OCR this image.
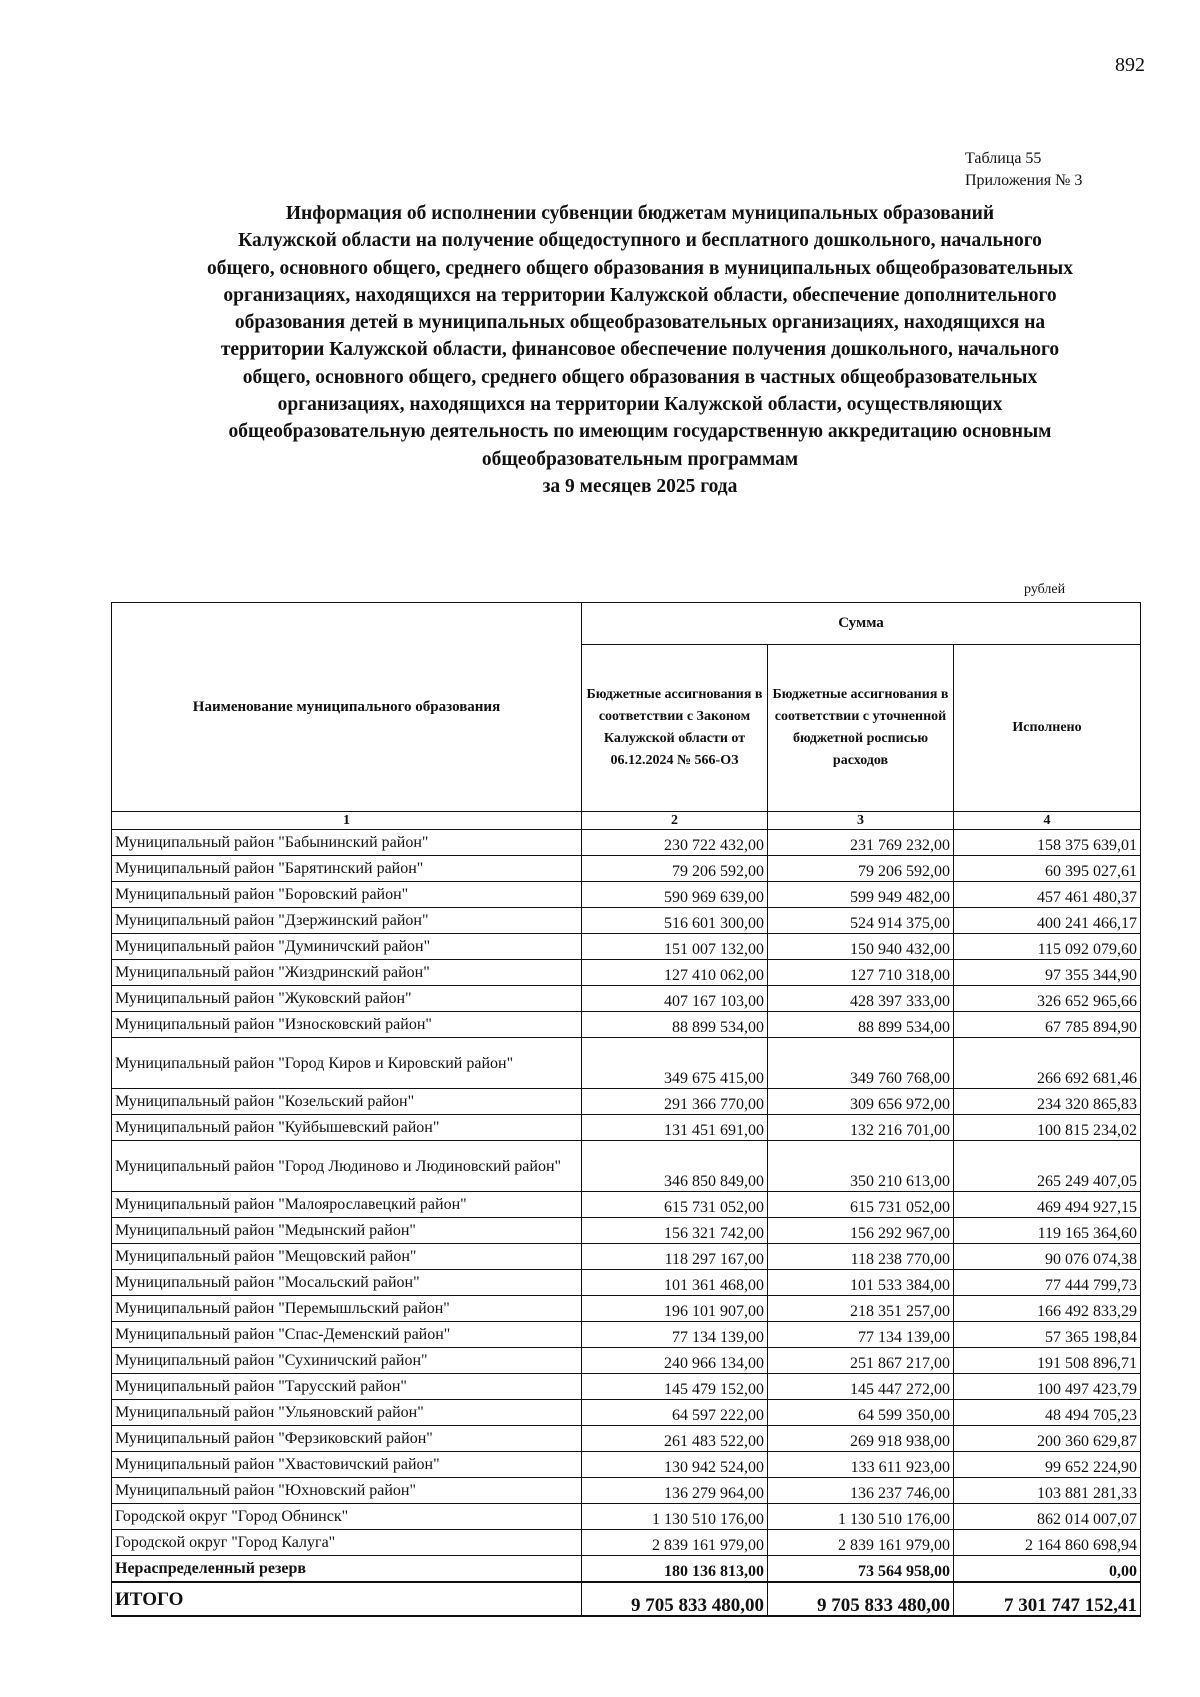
892
Таблица 55
Приложения № 3
Информация об исполнении субвенции бюджетам муниципальных образований
Калужской области на получение общедоступного и бесплатного дошкольного, начального
общего, основного общего, среднего общего образования в муниципальных общеобразовательных
организациях, находящихся на территории Калужской области, обеспечение дополнительного
образования детей в муниципальных общеобразовательных организациях, находящихся на
территории Калужской области, финансовое обеспечение получения дошкольного, начального
общего, основного общего, среднего общего образования в частных общеобразовательных
организациях, находящихся на территории Калужской области, осуществляющих
общеобразовательную деятельность по имеющим государственную аккредитацию основным
общеобразовательным программам
за 9 месяцев 2025 года
рублей
Наименование муниципального образования	Сумма		
	Бюджетные ассигнования в соответствии с Законом Калужской области от 06.12.2024 № 566-ОЗ	Бюджетные ассигнования в соответствии с уточненной бюджетной росписью расходов	Исполнено
1	2	3	4
Муниципальный район "Бабынинский район"	230 722 432,00	231 769 232,00	158 375 639,01
Муниципальный район "Барятинский район"	79 206 592,00	79 206 592,00	60 395 027,61
Муниципальный район "Боровский район"	590 969 639,00	599 949 482,00	457 461 480,37
Муниципальный район "Дзержинский район"	516 601 300,00	524 914 375,00	400 241 466,17
Муниципальный район "Думиничский район"	151 007 132,00	150 940 432,00	115 092 079,60
Муниципальный район "Жиздринский район"	127 410 062,00	127 710 318,00	97 355 344,90
Муниципальный район "Жуковский район"	407 167 103,00	428 397 333,00	326 652 965,66
Муниципальный район "Износковский район"	88 899 534,00	88 899 534,00	67 785 894,90
Муниципальный район "Город Киров и Кировский район"	349 675 415,00	349 760 768,00	266 692 681,46
Муниципальный район "Козельский район"	291 366 770,00	309 656 972,00	234 320 865,83
Муниципальный район "Куйбышевский район"	131 451 691,00	132 216 701,00	100 815 234,02
Муниципальный район "Город Людиново и Людиновский район"	346 850 849,00	350 210 613,00	265 249 407,05
Муниципальный район "Малоярославецкий район"	615 731 052,00	615 731 052,00	469 494 927,15
Муниципальный район "Медынский район"	156 321 742,00	156 292 967,00	119 165 364,60
Муниципальный район "Мещовский район"	118 297 167,00	118 238 770,00	90 076 074,38
Муниципальный район "Мосальский район"	101 361 468,00	101 533 384,00	77 444 799,73
Муниципальный район "Перемышльский район"	196 101 907,00	218 351 257,00	166 492 833,29
Муниципальный район "Спас-Деменский район"	77 134 139,00	77 134 139,00	57 365 198,84
Муниципальный район "Сухиничский район"	240 966 134,00	251 867 217,00	191 508 896,71
Муниципальный район "Тарусский район"	145 479 152,00	145 447 272,00	100 497 423,79
Муниципальный район "Ульяновский район"	64 597 222,00	64 599 350,00	48 494 705,23
Муниципальный район "Ферзиковский район"	261 483 522,00	269 918 938,00	200 360 629,87
Муниципальный район "Хвастовичский район"	130 942 524,00	133 611 923,00	99 652 224,90
Муниципальный район "Юхновский район"	136 279 964,00	136 237 746,00	103 881 281,33
Городской округ "Город Обнинск"	1 130 510 176,00	1 130 510 176,00	862 014 007,07
Городской округ "Город Калуга"	2 839 161 979,00	2 839 161 979,00	2 164 860 698,94
Нераспределенный резерв	180 136 813,00	73 564 958,00	0,00
ИТОГО	9 705 833 480,00	9 705 833 480,00	7 301 747 152,41
